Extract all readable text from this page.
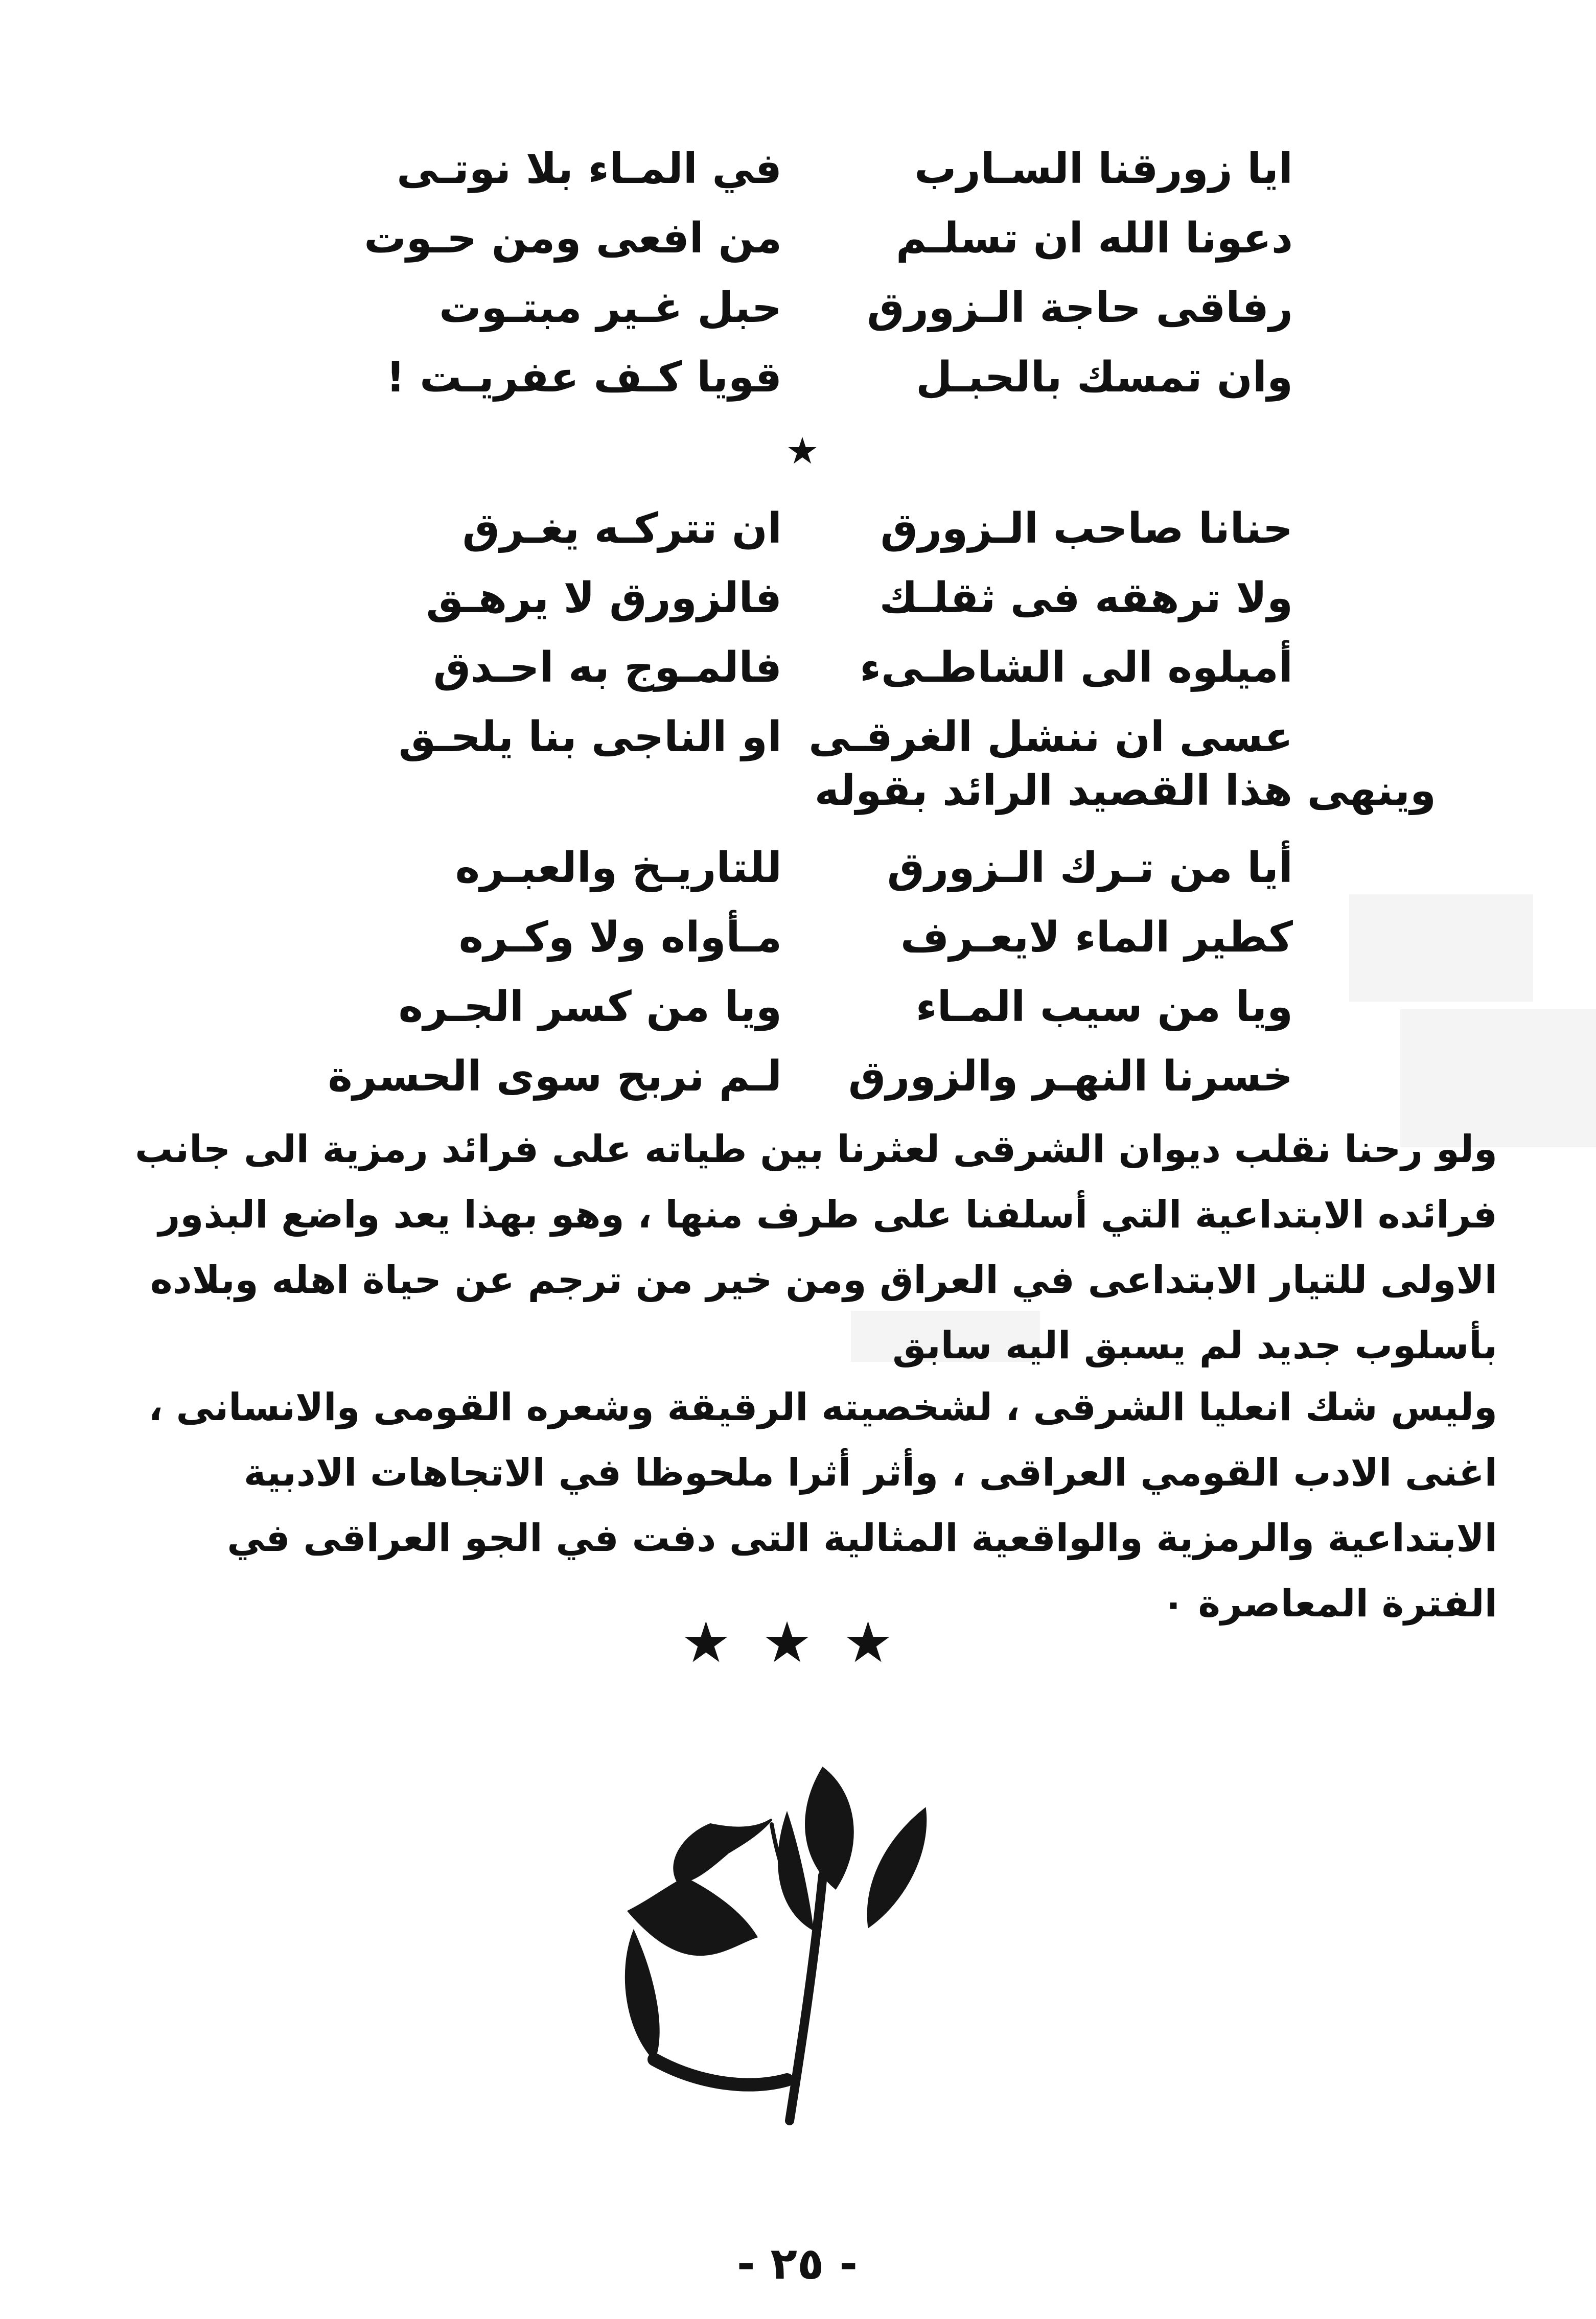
ايا زورقنا السـارب
في المـاء بلا نوتـى
دعونا الله ان تسلـم
من افعى ومن حـوت
رفاقى حاجة الـزورق
حبل غـير مبتـوت
وان تمسك بالحبـل
قويا كـف عفريـت !
★
حنانا صاحب الـزورق
ان تتركـه يغـرق
ولا ترهقه فى ثقلـك
فالزورق لا يرهـق
أميلوه الى الشاطـىء
فالمـوج به احـدق
عسى ان ننشل الغرقـى
او الناجى بنا يلحـق
وينهى هذا القصيد الرائد بقوله
أيا من تـرك الـزورق
للتاريـخ والعبـره
كطير الماء لايعـرف
مـأواه ولا وكـره
ويا من سيب المـاء
ويا من كسر الجـره
خسرنا النهـر والزورق
لـم نربح سوى الحسرة
ولو رحنا نقلب ديوان الشرقى لعثرنا بين طياته على فرائد رمزية الى جانب فرائده الابتداعية التي أسلفنا على طرف منها ، وهو بهذا يعد واضع البذور الاولى للتيار الابتداعى في العراق ومن خير من ترجم عن حياة اهله وبلاده بأسلوب جديد لم يسبق اليه سابق
وليس شك انعليا الشرقى ، لشخصيته الرقيقة وشعره القومى والانسانى ، اغنى الادب القومي العراقى ، وأثر أثرا ملحوظا في الاتجاهات الادبية الابتداعية والرمزية والواقعية المثالية التى دفت في الجو العراقى في الفترة المعاصرة ٠
★★★
- ٢٥ -
